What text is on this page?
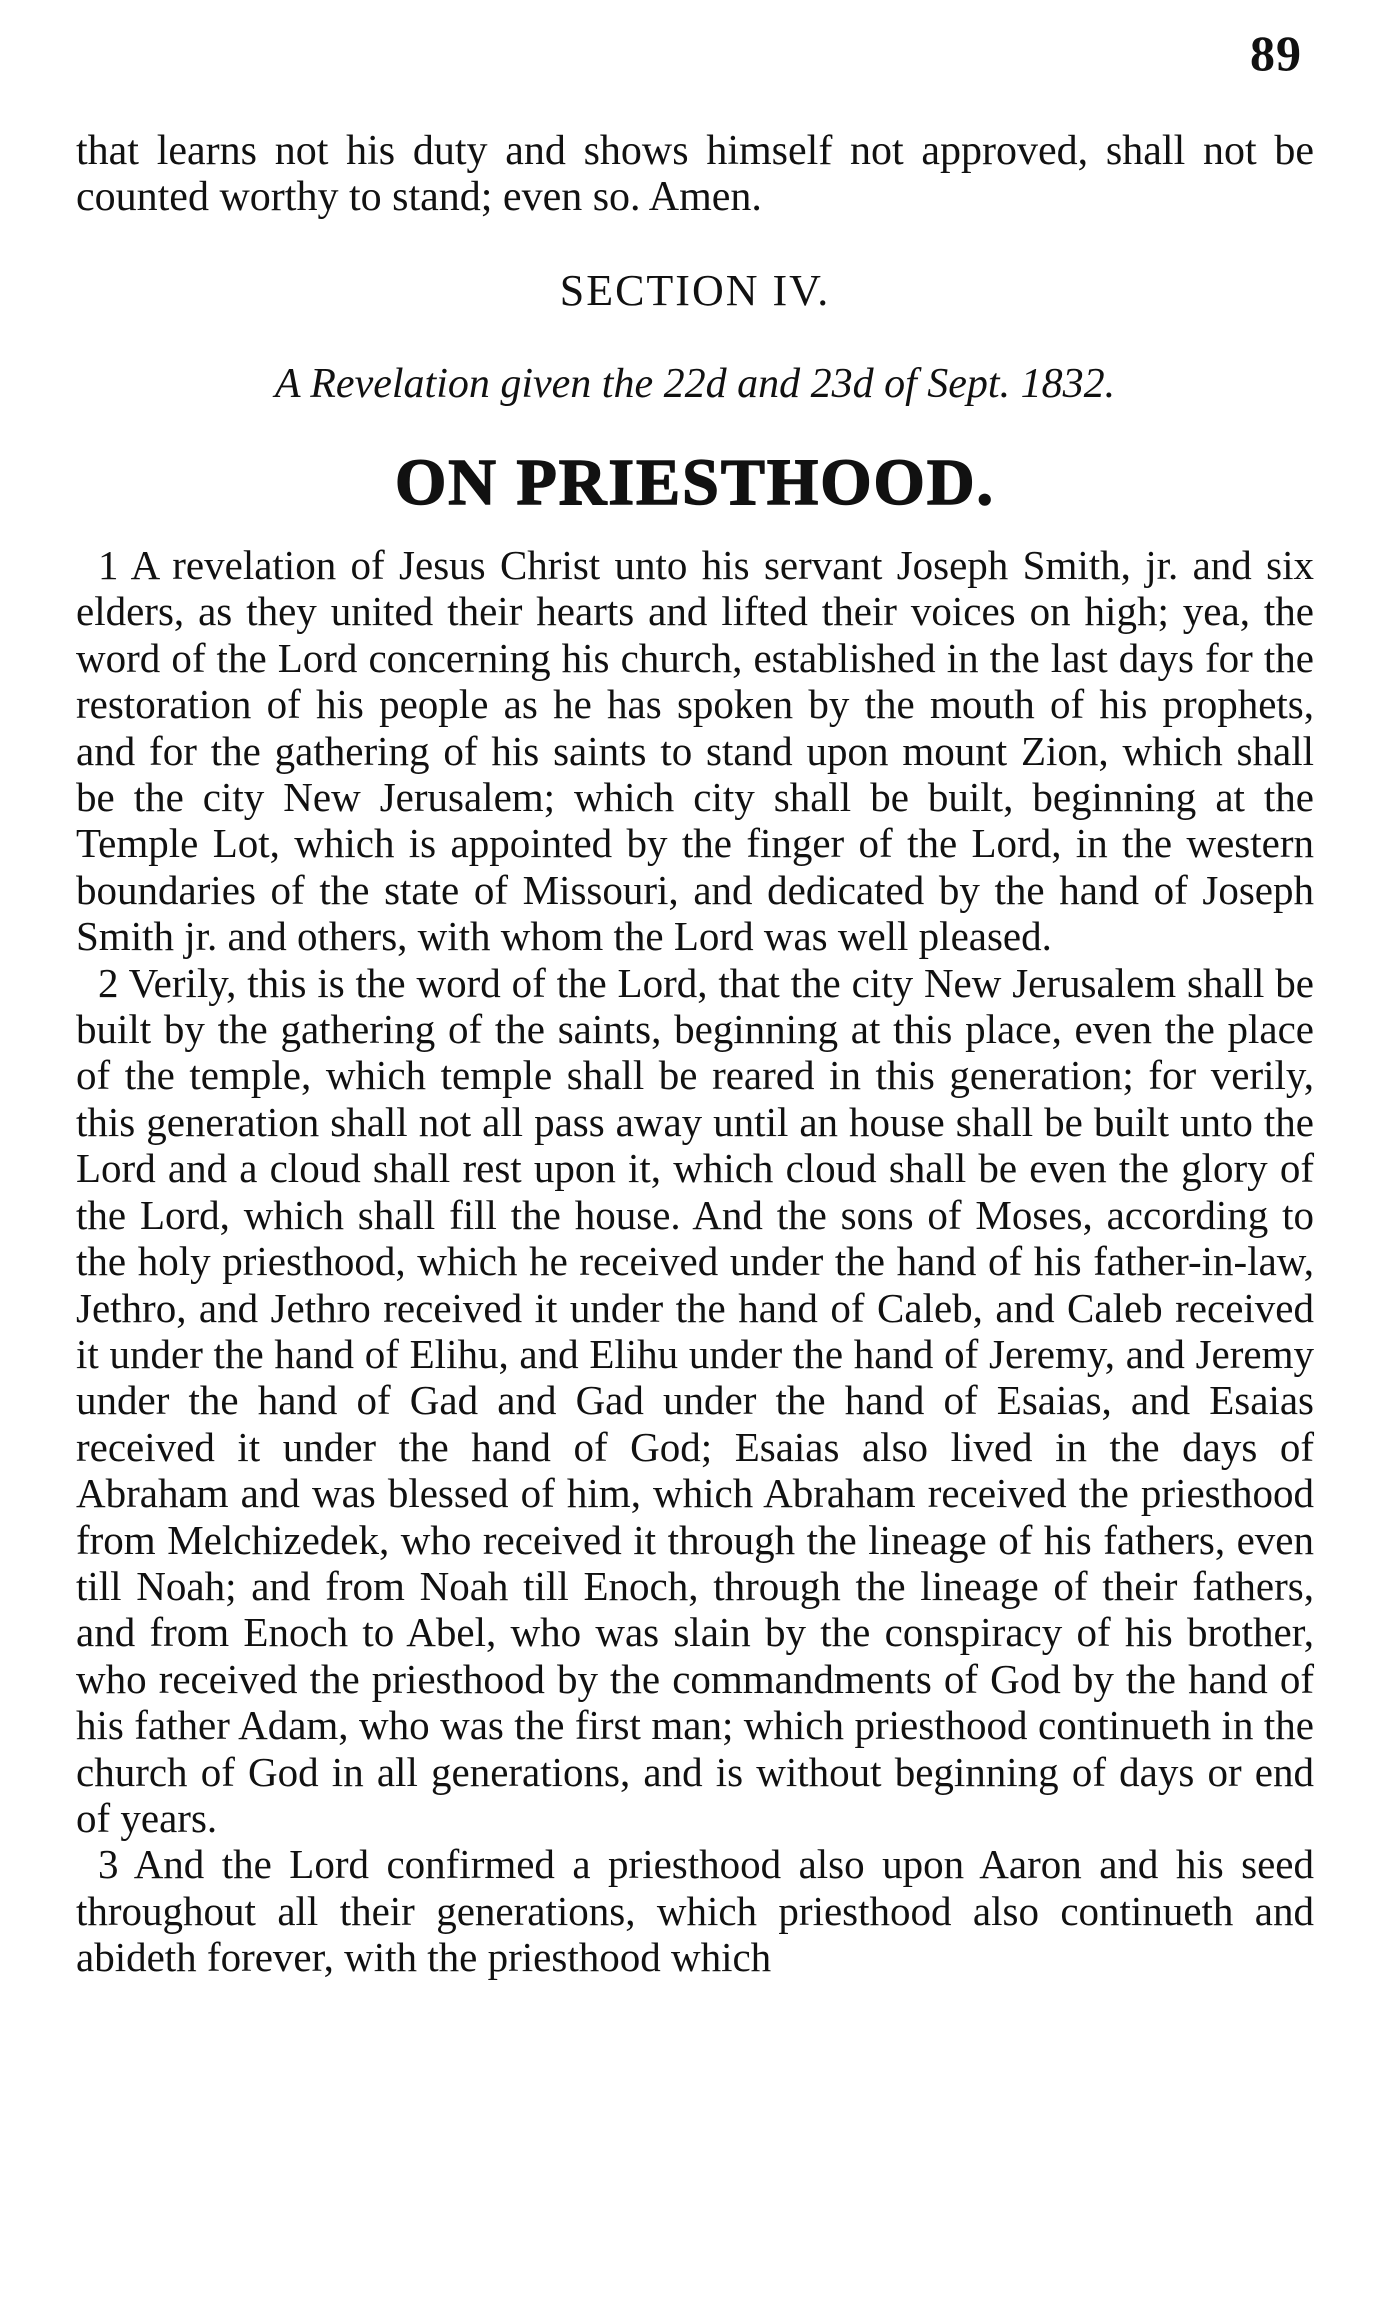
89
that learns not his duty and shows himself not approved, shall not be counted worthy to stand; even so. Amen.
SECTION IV.
A Revelation given the 22d and 23d of Sept. 1832.
ON PRIESTHOOD.

1 A revelation of Jesus Christ unto his servant Joseph Smith, jr. and six elders, as they united their hearts and lifted their voices on high; yea, the word of the Lord concerning his church, established in the last days for the restoration of his people as he has spoken by the mouth of his prophets, and for the gathering of his saints to stand upon mount Zion, which shall be the city New Jerusalem; which city shall be built, beginning at the Temple Lot, which is appointed by the finger of the Lord, in the western boundaries of the state of Missouri, and dedicated by the hand of Joseph Smith jr. and others, with whom the Lord was well pleased.

2 Verily, this is the word of the Lord, that the city New Jerusalem shall be built by the gathering of the saints, beginning at this place, even the place of the temple, which temple shall be reared in this generation; for verily, this generation shall not all pass away until an house shall be built unto the Lord and a cloud shall rest upon it, which cloud shall be even the glory of the Lord, which shall fill the house. And the sons of Moses, according to the holy priesthood, which he received under the hand of his father-in-law, Jethro, and Jethro received it under the hand of Caleb, and Caleb received it under the hand of Elihu, and Elihu under the hand of Jeremy, and Jeremy under the hand of Gad and Gad under the hand of Esaias, and Esaias received it under the hand of God; Esaias also lived in the days of Abraham and was blessed of him, which Abraham received the priesthood from Melchizedek, who received it through the lineage of his fathers, even till Noah; and from Noah till Enoch, through the lineage of their fathers, and from Enoch to Abel, who was slain by the conspiracy of his brother, who received the priesthood by the commandments of God by the hand of his father Adam, who was the first man; which priesthood continueth in the church of God in all generations, and is without beginning of days or end of years.

3 And the Lord confirmed a priesthood also upon Aaron and his seed throughout all their generations, which priesthood also continueth and abideth forever, with the priesthood which
